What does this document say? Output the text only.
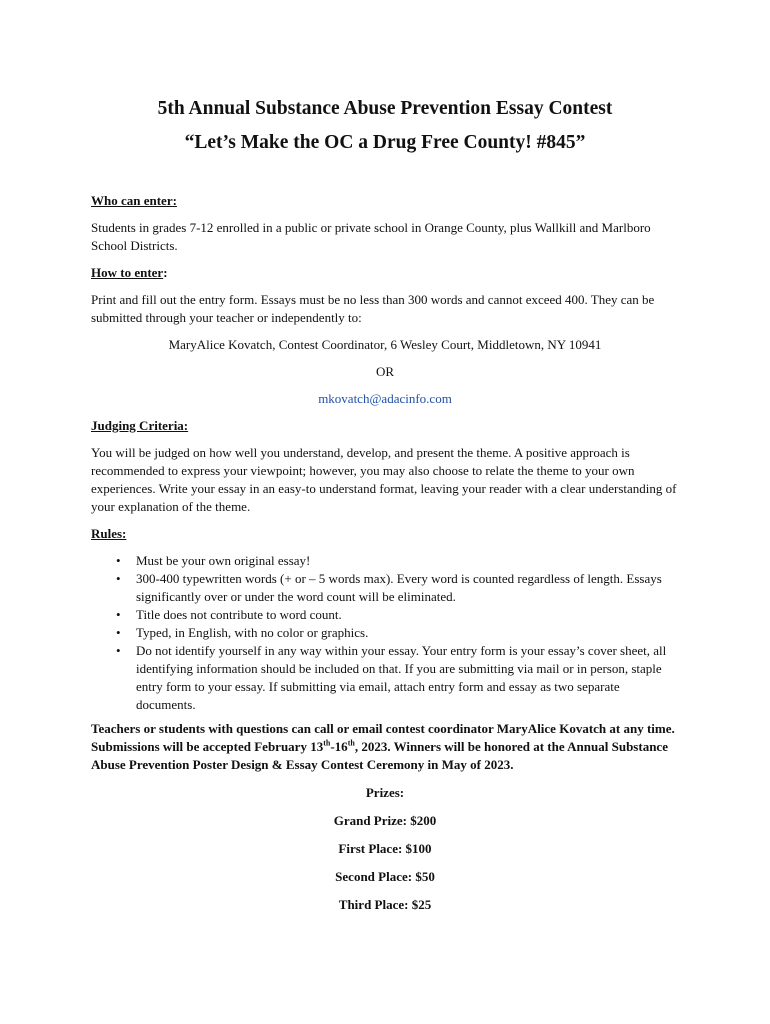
5th Annual Substance Abuse Prevention Essay Contest
“Let’s Make the OC a Drug Free County! #845”

Who can enter:

Students in grades 7-12 enrolled in a public or private school in Orange County, plus Wallkill and Marlboro School Districts.

How to enter:

Print and fill out the entry form. Essays must be no less than 300 words and cannot exceed 400. They can be submitted through your teacher or independently to:

MaryAlice Kovatch, Contest Coordinator, 6 Wesley Court, Middletown, NY 10941

OR

mkovatch@adacinfo.com

Judging Criteria:

You will be judged on how well you understand, develop, and present the theme. A positive approach is recommended to express your viewpoint; however, you may also choose to relate the theme to your own experiences. Write your essay in an easy-to understand format, leaving your reader with a clear understanding of your explanation of the theme.

Rules:

• Must be your own original essay!
• 300-400 typewritten words (+ or – 5 words max). Every word is counted regardless of length. Essays significantly over or under the word count will be eliminated.
• Title does not contribute to word count.
• Typed, in English, with no color or graphics.
• Do not identify yourself in any way within your essay. Your entry form is your essay’s cover sheet, all identifying information should be included on that. If you are submitting via mail or in person, staple entry form to your essay. If submitting via email, attach entry form and essay as two separate documents.

Teachers or students with questions can call or email contest coordinator MaryAlice Kovatch at any time. Submissions will be accepted February 13th-16th, 2023. Winners will be honored at the Annual Substance Abuse Prevention Poster Design & Essay Contest Ceremony in May of 2023.

Prizes:
Grand Prize: $200
First Place: $100
Second Place: $50
Third Place: $25
